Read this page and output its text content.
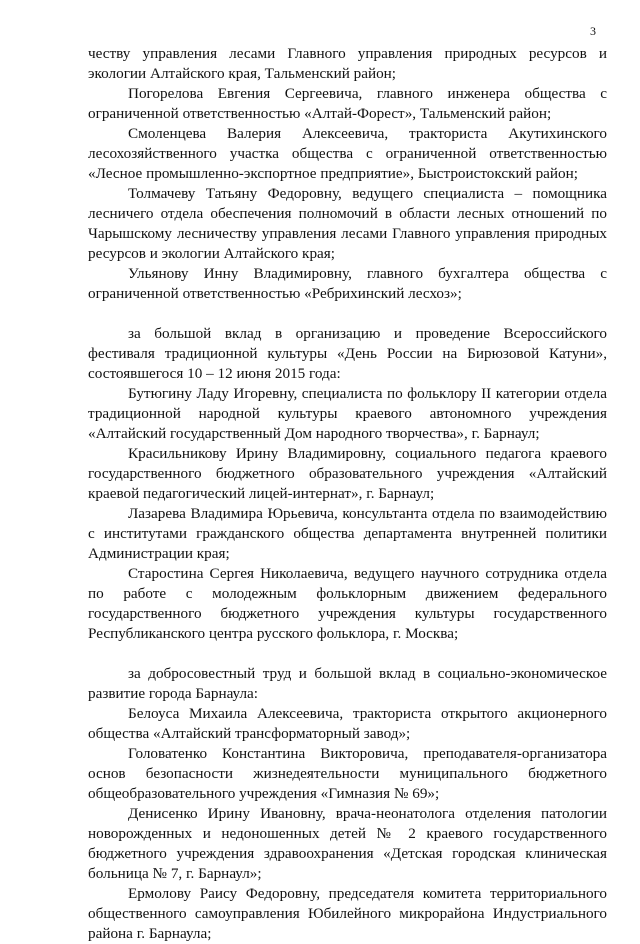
3

честву управления лесами Главного управления природных ресурсов и экологии Алтайского края, Тальменский район;

Погорелова Евгения Сергеевича, главного инженера общества с ограниченной ответственностью «Алтай-Форест», Тальменский район;

Смоленцева Валерия Алексеевича, тракториста Акутихинского лесохозяйственного участка общества с ограниченной ответственностью «Лесное промышленно-экспортное предприятие», Быстроистокский район;

Толмачеву Татьяну Федоровну, ведущего специалиста – помощника лесничего отдела обеспечения полномочий в области лесных отношений по Чарышскому лесничеству управления лесами Главного управления природных ресурсов и экологии Алтайского края;

Ульянову Инну Владимировну, главного бухгалтера общества с ограниченной ответственностью «Ребрихинский лесхоз»;

за большой вклад в организацию и проведение Всероссийского фестиваля традиционной культуры «День России на Бирюзовой Катуни», состоявшегося 10 – 12 июня 2015 года:

Бутюгину Ладу Игоревну, специалиста по фольклору II категории отдела традиционной народной культуры краевого автономного учреждения «Алтайский государственный Дом народного творчества», г. Барнаул;

Красильникову Ирину Владимировну, социального педагога краевого государственного бюджетного образовательного учреждения «Алтайский краевой педагогический лицей-интернат», г. Барнаул;

Лазарева Владимира Юрьевича, консультанта отдела по взаимодействию с институтами гражданского общества департамента внутренней политики Администрации края;

Старостина Сергея Николаевича, ведущего научного сотрудника отдела по работе с молодежным фольклорным движением федерального государственного бюджетного учреждения культуры государственного Республиканского центра русского фольклора, г. Москва;

за добросовестный труд и большой вклад в социально-экономическое развитие города Барнаула:

Белоуса Михаила Алексеевича, тракториста открытого акционерного общества «Алтайский трансформаторный завод»;

Головатенко Константина Викторовича, преподавателя-организатора основ безопасности жизнедеятельности муниципального бюджетного общеобразовательного учреждения «Гимназия № 69»;

Денисенко Ирину Ивановну, врача-неонатолога отделения патологии новорожденных и недоношенных детей № 2 краевого государственного бюджетного учреждения здравоохранения «Детская городская клиническая больница № 7, г. Барнаул»;

Ермолову Раису Федоровну, председателя комитета территориального общественного самоуправления Юбилейного микрорайона Индустриального района г. Барнаула;
